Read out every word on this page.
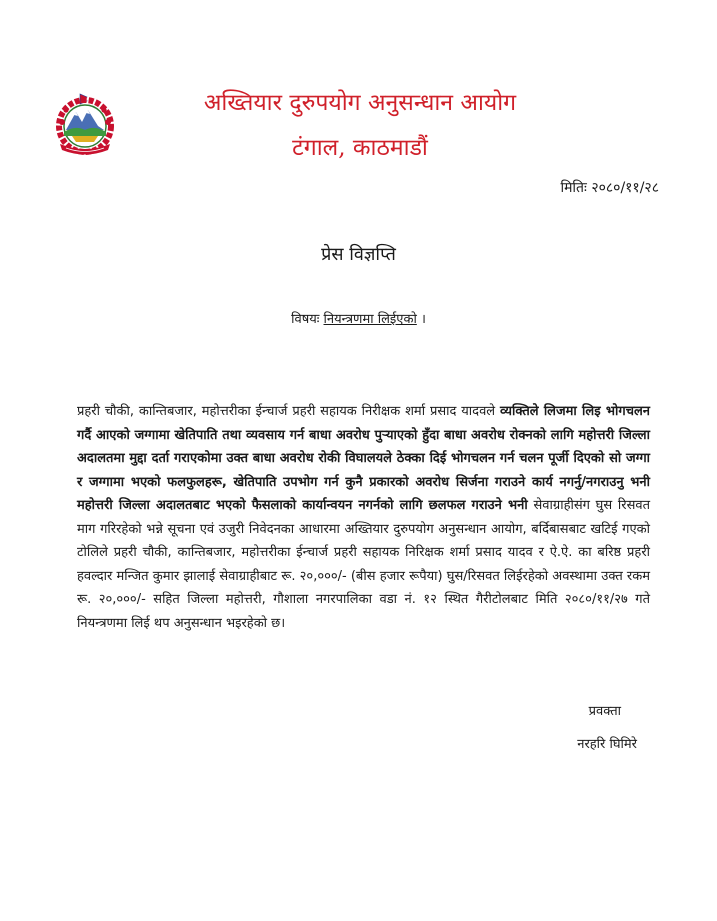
अख्तियार दुरुपयोग अनुसन्धान आयोग
टंगाल, काठमाडौं
मितिः २०८०/११/२८
प्रेस विज्ञप्ति
विषयः नियन्त्रणमा लिईएको ।
प्रहरी चौकी, कान्तिबजार, महोत्तरीका ईन्चार्ज प्रहरी सहायक निरीक्षक शर्मा प्रसाद यादवले व्यक्तिले लिजमा लिइ भोगचलन गर्दै आएको जग्गामा खेतिपाति तथा व्यवसाय गर्न बाधा अवरोध पुऱ्याएको हुँदा बाधा अवरोध रोक्नको लागि महोत्तरी जिल्ला अदालतमा मुद्दा दर्ता गराएकोमा उक्त बाधा अवरोध रोकी विघालयले ठेक्का दिई भोगचलन गर्न चलन पूर्जी दिएको सो जग्गा र जग्गामा भएको फलफुलहरू, खेतिपाति उपभोग गर्न कुनै प्रकारको अवरोध सिर्जना गराउने कार्य नगर्नु/नगराउनु भनी महोत्तरी जिल्ला अदालतबाट भएको फैसलाको कार्यान्वयन नगर्नको लागि छलफल गराउने भनी सेवाग्राहीसंग घुस रिसवत माग गरिरहेको भन्ने सूचना एवं उजुरी निवेदनका आधारमा अख्तियार दुरुपयोग अनुसन्धान आयोग, बर्दिबासबाट खटिई गएको टोलिले प्रहरी चौकी, कान्तिबजार, महोत्तरीका ईन्चार्ज प्रहरी सहायक निरिक्षक शर्मा प्रसाद यादव र ऐ.ऐ. का बरिष्ठ प्रहरी हवल्दार मन्जित कुमार झालाई सेवाग्राहीबाट रू. २०,०००/- (बीस हजार रूपैया) घुस/रिसवत लिईरहेको अवस्थामा उक्त रकम रू. २०,०००/- सहित जिल्ला महोत्तरी, गौशाला नगरपालिका वडा नं. १२ स्थित गैरीटोलबाट मिति २०८०/११/२७ गते नियन्त्रणमा लिई थप अनुसन्धान भइरहेको छ।
प्रवक्ता
नरहरि घिमिरे
